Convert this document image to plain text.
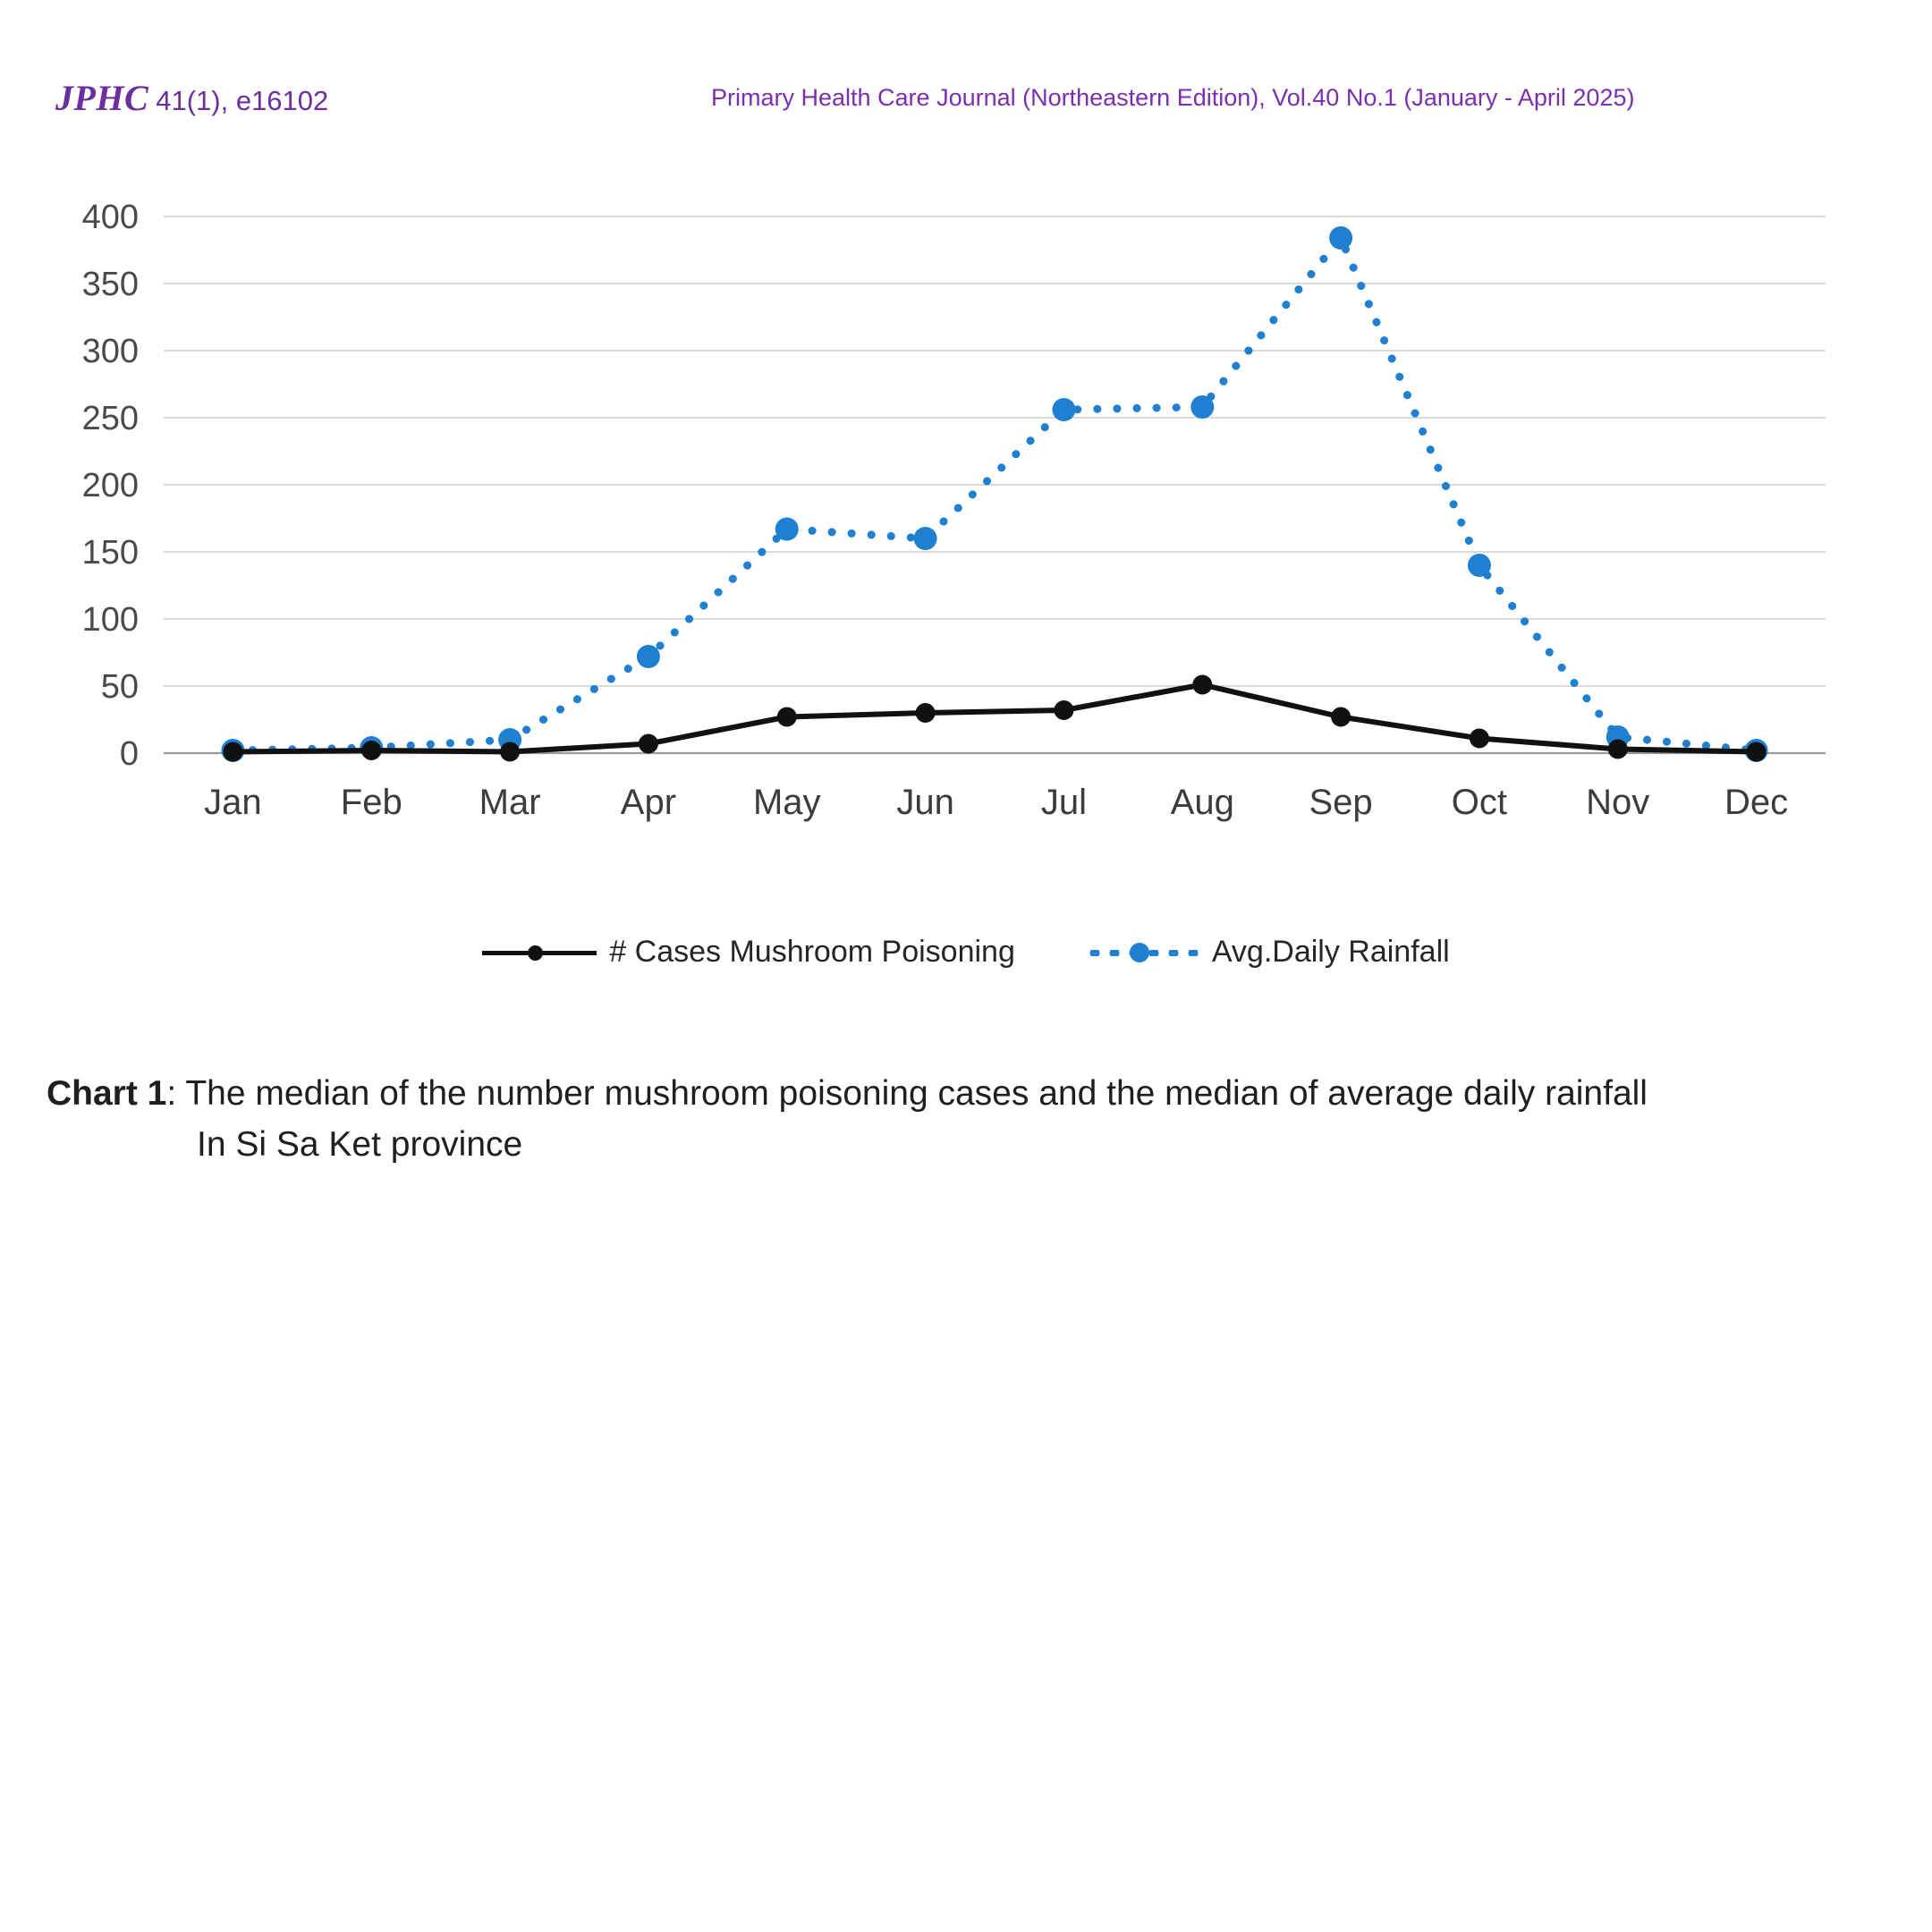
JPHC 41(1), e16102	Primary Health Care Journal (Northeastern Edition), Vol.40 No.1 (January - April 2025)
0
50
100
150
200
250
300
350
400
Jan Feb Mar Apr May Jun Jul Aug Sep Oct Nov Dec
# Cases Mushroom Poisoning	Avg.Daily Rainfall
Chart 1: The median of the number mushroom poisoning cases and the median of average daily rainfall
In Si Sa Ket province
